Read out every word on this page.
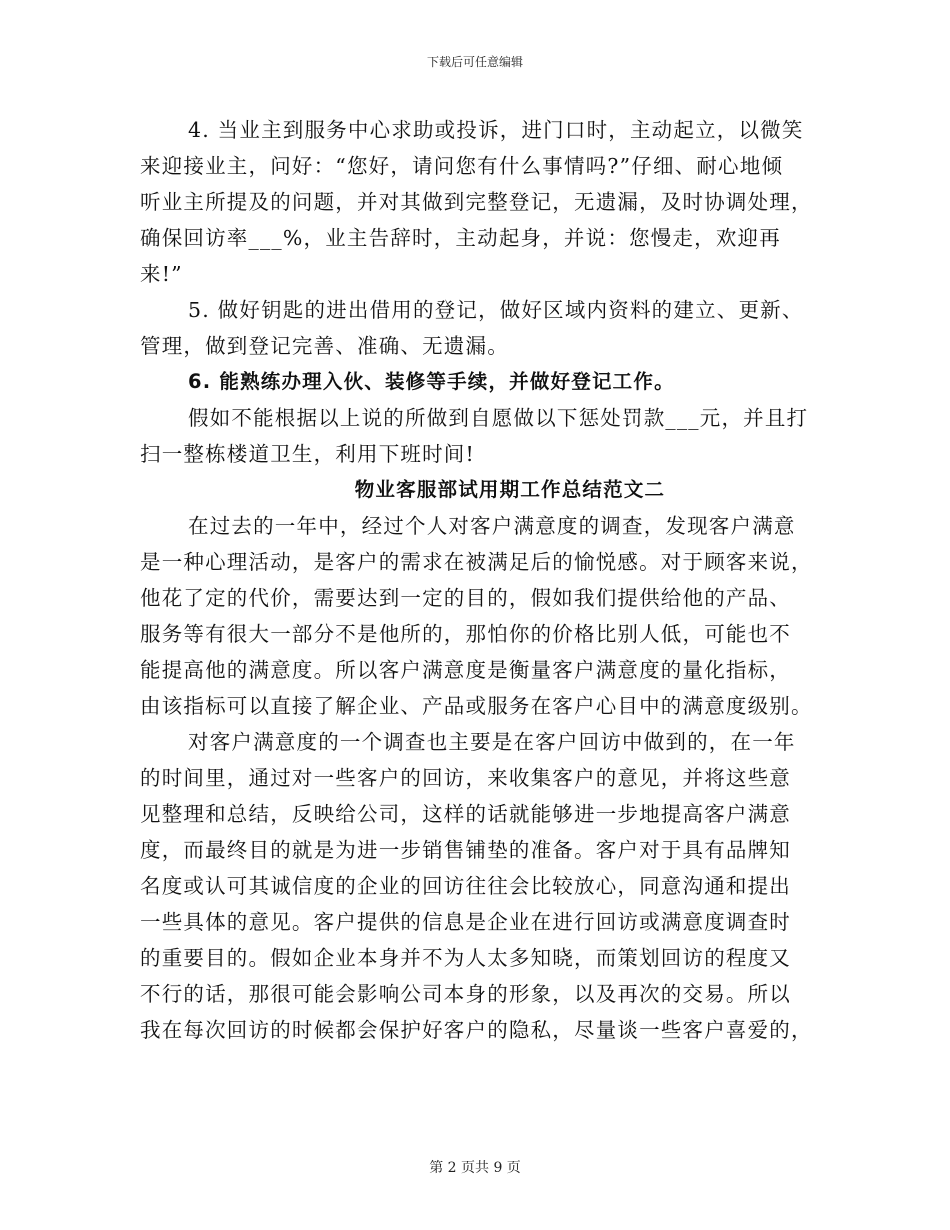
下载后可任意编辑
4. 当业主到服务中心求助或投诉，进门口时，主动起立，以微笑
来迎接业主，问好：“您好，请问您有什么事情吗?”仔细、耐心地倾
听业主所提及的问题，并对其做到完整登记，无遗漏，及时协调处理，
确保回访率___%，业主告辞时，主动起身，并说：您慢走，欢迎再
来!”
5. 做好钥匙的进出借用的登记，做好区域内资料的建立、更新、
管理，做到登记完善、准确、无遗漏。
6. 能熟练办理入伙、装修等手续，并做好登记工作。
假如不能根据以上说的所做到自愿做以下惩处罚款___元，并且打
扫一整栋楼道卫生，利用下班时间!
物业客服部试用期工作总结范文二
在过去的一年中，经过个人对客户满意度的调查，发现客户满意
是一种心理活动，是客户的需求在被满足后的愉悦感。对于顾客来说，
他花了定的代价，需要达到一定的目的，假如我们提供给他的产品、
服务等有很大一部分不是他所的，那怕你的价格比别人低，可能也不
能提高他的满意度。所以客户满意度是衡量客户满意度的量化指标，
由该指标可以直接了解企业、产品或服务在客户心目中的满意度级别。
对客户满意度的一个调查也主要是在客户回访中做到的，在一年
的时间里，通过对一些客户的回访，来收集客户的意见，并将这些意
见整理和总结，反映给公司，这样的话就能够进一步地提高客户满意
度，而最终目的就是为进一步销售铺垫的准备。客户对于具有品牌知
名度或认可其诚信度的企业的回访往往会比较放心，同意沟通和提出
一些具体的意见。客户提供的信息是企业在进行回访或满意度调查时
的重要目的。假如企业本身并不为人太多知晓，而策划回访的程度又
不行的话，那很可能会影响公司本身的形象，以及再次的交易。所以
我在每次回访的时候都会保护好客户的隐私，尽量谈一些客户喜爱的，
第 2 页共 9 页
